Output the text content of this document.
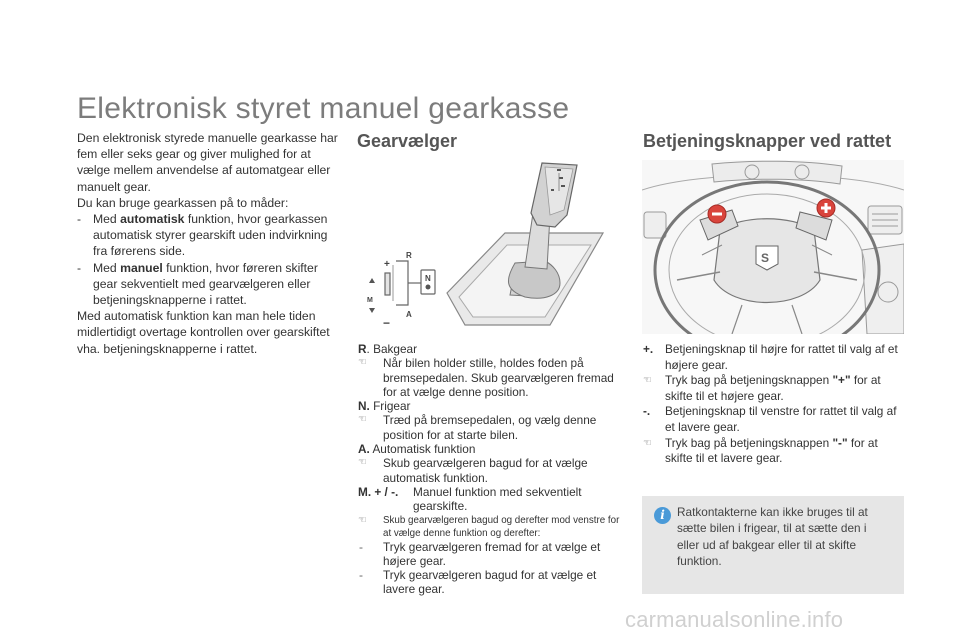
Elektronisk styret manuel gearkasse

Den elektronisk styrede manuelle gearkasse har fem eller seks gear og giver mulighed for at vælge mellem anvendelse af automatgear eller manuelt gear.

Du kan bruge gearkassen på to måder:

- Med automatisk funktion, hvor gearkassen automatisk styrer gearskift uden indvirkning fra førerens side.

- Med manuel funktion, hvor føreren skifter gear sekventielt med gearvælgeren eller betjeningsknapperne i rattet.

Med automatisk funktion kan man hele tiden midlertidigt overtage kontrollen over gearskiftet vha. betjeningsknapperne i rattet.

Gearvælger	Betjeningsknapper ved rattet
R
N
A
M
+
−
S
R. Bakgear
☜ Når bilen holder stille, holdes foden på bremsepedalen. Skub gearvælgeren fremad for at vælge denne position.
N. Frigear
☜ Træd på bremsepedalen, og vælg denne position for at starte bilen.
A. Automatisk funktion
☜ Skub gearvælgeren bagud for at vælge automatisk funktion.
M. + / -. Manuel funktion med sekventielt gearskifte.
☜ Skub gearvælgeren bagud og derefter mod venstre for at vælge denne funktion og derefter:
- Tryk gearvælgeren fremad for at vælge et højere gear.
- Tryk gearvælgeren bagud for at vælge et lavere gear.
+. Betjeningsknap til højre for rattet til valg af et højere gear.
☜ Tryk bag på betjeningsknappen "+" for at skifte til et højere gear.
-. Betjeningsknap til venstre for rattet til valg af et lavere gear.
☜ Tryk bag på betjeningsknappen "-" for at skifte til et lavere gear.
i	Ratkontakterne kan ikke bruges til at sætte bilen i frigear, til at sætte den i eller ud af bakgear eller til at skifte funktion.
carmanualsonline.info
